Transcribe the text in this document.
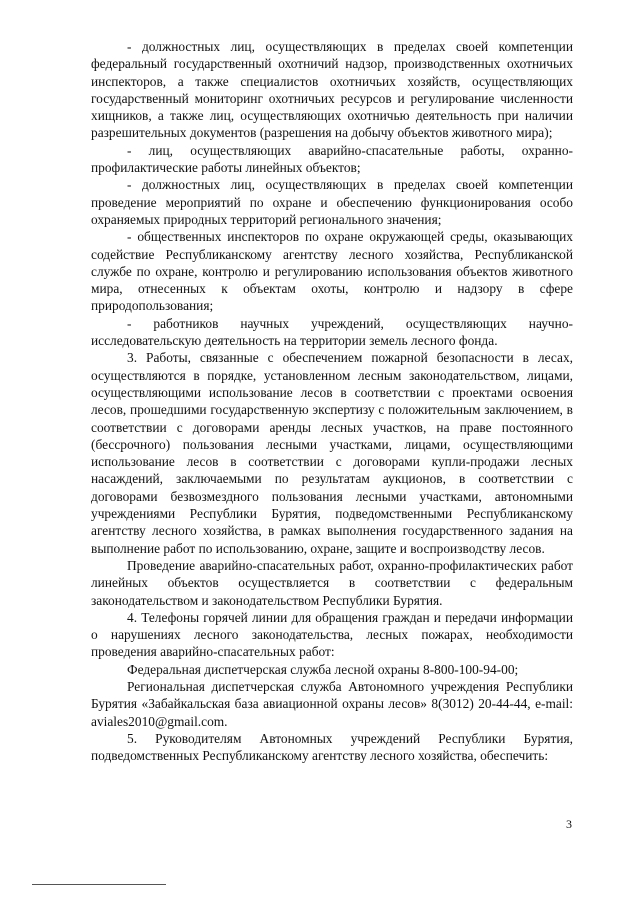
- должностных лиц, осуществляющих в пределах своей компетенции федеральный государственный охотничий надзор, производственных охотничьих инспекторов, а также специалистов охотничьих хозяйств, осуществляющих государственный мониторинг охотничьих ресурсов и регулирование численности хищников, а также лиц, осуществляющих охотничью деятельность при наличии разрешительных документов (разрешения на добычу объектов животного мира);

- лиц, осуществляющих аварийно-спасательные работы, охранно-профилактические работы линейных объектов;

- должностных лиц, осуществляющих в пределах своей компетенции проведение мероприятий по охране и обеспечению функционирования особо охраняемых природных территорий регионального значения;

- общественных инспекторов по охране окружающей среды, оказывающих содействие Республиканскому агентству лесного хозяйства, Республиканской службе по охране, контролю и регулированию использования объектов животного мира, отнесенных к объектам охоты, контролю и надзору в сфере природопользования;

- работников научных учреждений, осуществляющих научно-исследовательскую деятельность на территории земель лесного фонда.

3. Работы, связанные с обеспечением пожарной безопасности в лесах, осуществляются в порядке, установленном лесным законодательством, лицами, осуществляющими использование лесов в соответствии с проектами освоения лесов, прошедшими государственную экспертизу с положительным заключением, в соответствии с договорами аренды лесных участков, на праве постоянного (бессрочного) пользования лесными участками, лицами, осуществляющими использование лесов в соответствии с договорами купли-продажи лесных насаждений, заключаемыми по результатам аукционов, в соответствии с договорами безвозмездного пользования лесными участками, автономными учреждениями Республики Бурятия, подведомственными Республиканскому агентству лесного хозяйства, в рамках выполнения государственного задания на выполнение работ по использованию, охране, защите и воспроизводству лесов.

Проведение аварийно-спасательных работ, охранно-профилактических работ линейных объектов осуществляется в соответствии с федеральным законодательством и законодательством Республики Бурятия.

4. Телефоны горячей линии для обращения граждан и передачи информации о нарушениях лесного законодательства, лесных пожарах, необходимости проведения аварийно-спасательных работ:

Федеральная диспетчерская служба лесной охраны 8-800-100-94-00;

Региональная диспетчерская служба Автономного учреждения Республики Бурятия «Забайкальская база авиационной охраны лесов» 8(3012) 20-44-44, e-mail: aviales2010@gmail.com.

5. Руководителям Автономных учреждений Республики Бурятия, подведомственных Республиканскому агентству лесного хозяйства, обеспечить:

3
